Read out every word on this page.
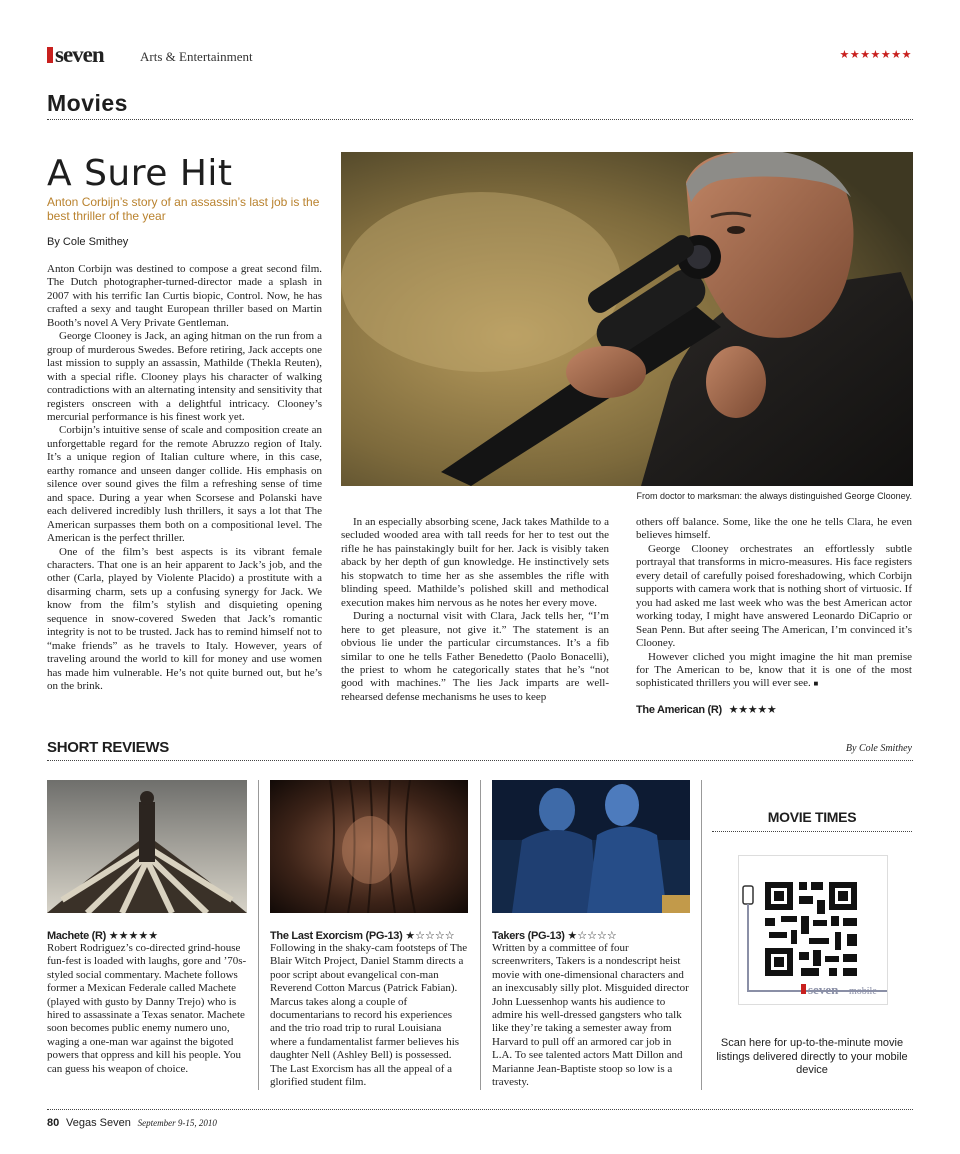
seven	Arts & Entertainment	★★★★★★★
Movies
A Sure Hit
Anton Corbijn’s story of an assassin’s last job is the best thriller of the year
By Cole Smithey

Anton Corbijn was destined to compose a great second film. The Dutch photographer-turned-director made a splash in 2007 with his terrific Ian Curtis biopic, Control. Now, he has crafted a sexy and taught European thriller based on Martin Booth’s novel A Very Private Gentleman.

George Clooney is Jack, an aging hitman on the run from a group of murderous Swedes. Before retiring, Jack accepts one last mission to supply an assassin, Mathilde (Thekla Reuten), with a special rifle. Clooney plays his character of walking contradictions with an alternating intensity and sensitivity that registers onscreen with a delightful intricacy. Clooney’s mercurial performance is his finest work yet.

Corbijn’s intuitive sense of scale and composition create an unforgettable regard for the remote Abruzzo region of Italy. It’s a unique region of Italian culture where, in this case, earthy romance and unseen danger collide. His emphasis on silence over sound gives the film a refreshing sense of time and space. During a year when Scorsese and Polanski have each delivered incredibly lush thrillers, it says a lot that The American surpasses them both on a compositional level. The American is the perfect thriller.

One of the film’s best aspects is its vibrant female characters. That one is an heir apparent to Jack’s job, and the other (Carla, played by Violente Placido) a prostitute with a disarming charm, sets up a confusing synergy for Jack. We know from the film’s stylish and disquieting opening sequence in snow-covered Sweden that Jack’s romantic integrity is not to be trusted. Jack has to remind himself not to “make friends” as he travels to Italy. However, years of traveling around the world to kill for money and use women has made him vulnerable. He’s not quite burned out, but he’s on the brink.

From doctor to marksman: the always distinguished George Clooney.

In an especially absorbing scene, Jack takes Mathilde to a secluded wooded area with tall reeds for her to test out the rifle he has painstakingly built for her. Jack is visibly taken aback by her depth of gun knowledge. He instinctively sets his stopwatch to time her as she assembles the rifle with blinding speed. Mathilde’s polished skill and methodical execution makes him nervous as he notes her every move.

During a nocturnal visit with Clara, Jack tells her, “I’m here to get pleasure, not give it.” The statement is an obvious lie under the particular circumstances. It’s a fib similar to one he tells Father Benedetto (Paolo Bonacelli), the priest to whom he categorically states that he’s “not good with machines.” The lies Jack imparts are well-rehearsed defense mechanisms he uses to keep

others off balance. Some, like the one he tells Clara, he even believes himself.

George Clooney orchestrates an effortlessly subtle portrayal that transforms in micro-measures. His face registers every detail of carefully poised foreshadowing, which Corbijn supports with camera work that is nothing short of virtuosic. If you had asked me last week who was the best American actor working today, I might have answered Leonardo DiCaprio or Sean Penn. But after seeing The American, I’m convinced it’s Clooney.

However cliched you might imagine the hit man premise for The American to be, know that it is one of the most sophisticated thrillers you will ever see. ■

The American (R) ★★★★★
SHORT REVIEWS	By Cole Smithey
Machete (R) ★★★★★
Robert Rodriguez’s co-directed grind-house fun-fest is loaded with laughs, gore and ’70s-styled social commentary. Machete follows former a Mexican Federale called Machete (played with gusto by Danny Trejo) who is hired to assassinate a Texas senator. Machete soon becomes public enemy numero uno, waging a one-man war against the bigoted powers that oppress and kill his people. You can guess his weapon of choice.
The Last Exorcism (PG-13) ★☆☆☆☆
Following in the shaky-cam footsteps of The Blair Witch Project, Daniel Stamm directs a poor script about evangelical con-man Reverend Cotton Marcus (Patrick Fabian). Marcus takes along a couple of documentarians to record his experiences and the trio road trip to rural Louisiana where a fundamentalist farmer believes his daughter Nell (Ashley Bell) is possessed. The Last Exorcism has all the appeal of a glorified student film.
Takers (PG-13) ★☆☆☆☆
Written by a committee of four screenwriters, Takers is a nondescript heist movie with one-dimensional characters and an inexcusably silly plot. Misguided director John Luessenhop wants his audience to admire his well-dressed gangsters who talk like they’re taking a semester away from Harvard to pull off an armored car job in L.A. To see talented actors Matt Dillon and Marianne Jean-Baptiste stoop so low is a travesty.
MOVIE TIMES
seven mobile
Scan here for up-to-the-minute movie listings delivered directly to your mobile device
80 Vegas Seven September 9-15, 2010
